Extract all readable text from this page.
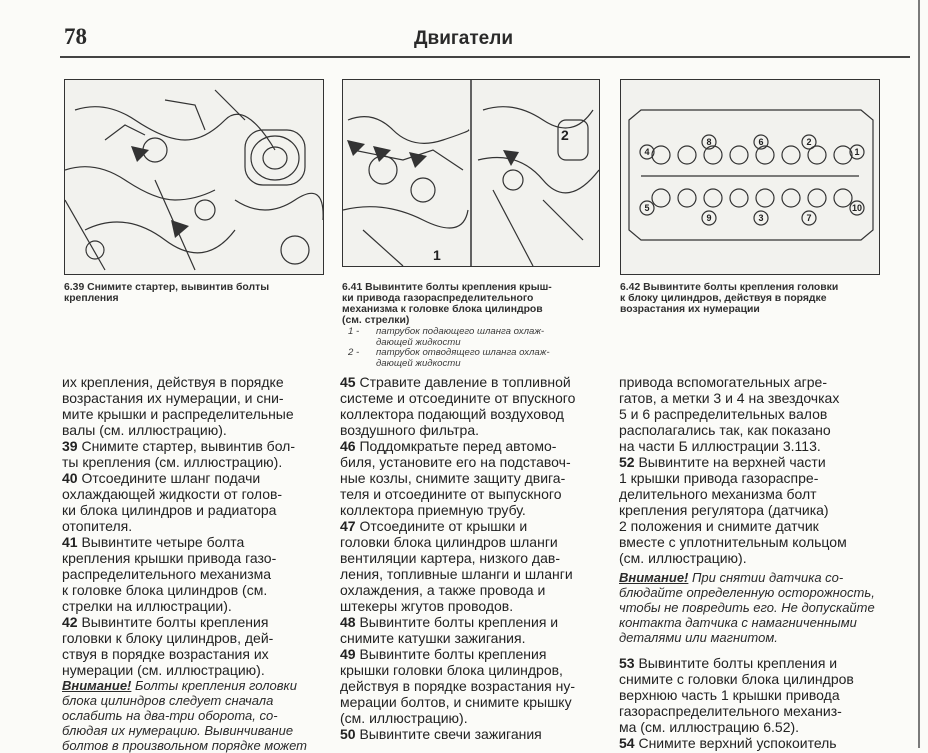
78	Двигатели
1
2
4
8	6	2
1
5
9	3	7
10
6.39 Снимите стартер, вывинтив болты
крепления
6.41 Вывинтите болты крепления крыш-
ки привода газораспределительного
механизма к головке блока цилиндров
(см. стрелки)
1 -	патрубок подающего шланга охлаж-
дающей жидкости
2 -	патрубок отводящего шланга охлаж-
дающей жидкости
6.42 Вывинтите болты крепления головки
к блоку цилиндров, действуя в порядке
возрастания их нумерации

их крепления, действуя в порядке
возрастания их нумерации, и сни-
мите крышки и распределительные
валы (см. иллюстрацию).

39 Снимите стартер, вывинтив бол-
ты крепления (см. иллюстрацию).

40 Отсоедините шланг подачи
охлаждающей жидкости от голов-
ки блока цилиндров и радиатора
отопителя.

41 Вывинтите четыре болта
крепления крышки привода газо-
распределительного механизма
к головке блока цилиндров (см.
стрелки на иллюстрации).

42 Вывинтите болты крепления
головки к блоку цилиндров, дей-
ствуя в порядке возрастания их
нумерации (см. иллюстрацию).

Внимание! Болты крепления головки
блока цилиндров следует сначала
ослабить на два-три оборота, со-
блюдая их нумерацию. Вывинчивание
болтов в произвольном порядке может

45 Стравите давление в топливной
системе и отсоедините от впускного
коллектора подающий воздуховод
воздушного фильтра.

46 Поддомкратьте перед автомо-
биля, установите его на подставоч-
ные козлы, снимите защиту двига-
теля и отсоедините от выпускного
коллектора приемную трубу.

47 Отсоедините от крышки и
головки блока цилиндров шланги
вентиляции картера, низкого дав-
ления, топливные шланги и шланги
охлаждения, а также провода и
штекеры жгутов проводов.

48 Вывинтите болты крепления и
снимите катушки зажигания.

49 Вывинтите болты крепления
крышки головки блока цилиндров,
действуя в порядке возрастания ну-
мерации болтов, и снимите крышку
(см. иллюстрацию).

50 Вывинтите свечи зажигания

привода вспомогательных агре-
гатов, а метки 3 и 4 на звездочках
5 и 6 распределительных валов
располагались так, как показано
на части Б иллюстрации 3.113.

52 Вывинтите на верхней части
1 крышки привода газорaспре-
делительного механизма болт
крепления регулятора (датчика)
2 положения и снимите датчик
вместе с уплотнительным кольцом
(см. иллюстрацию).

Внимание! При снятии датчика со-
блюдайте определенную осторожность,
чтобы не повредить его. Не допускайте
контакта датчика с намагниченными
деталями или магнитом.

53 Вывинтите болты крепления и
снимите с головки блока цилиндров
верхнюю часть 1 крышки привода
газораспределительного механиз-
ма (см. иллюстрацию 6.52).

54 Снимите верхний успокоитель
